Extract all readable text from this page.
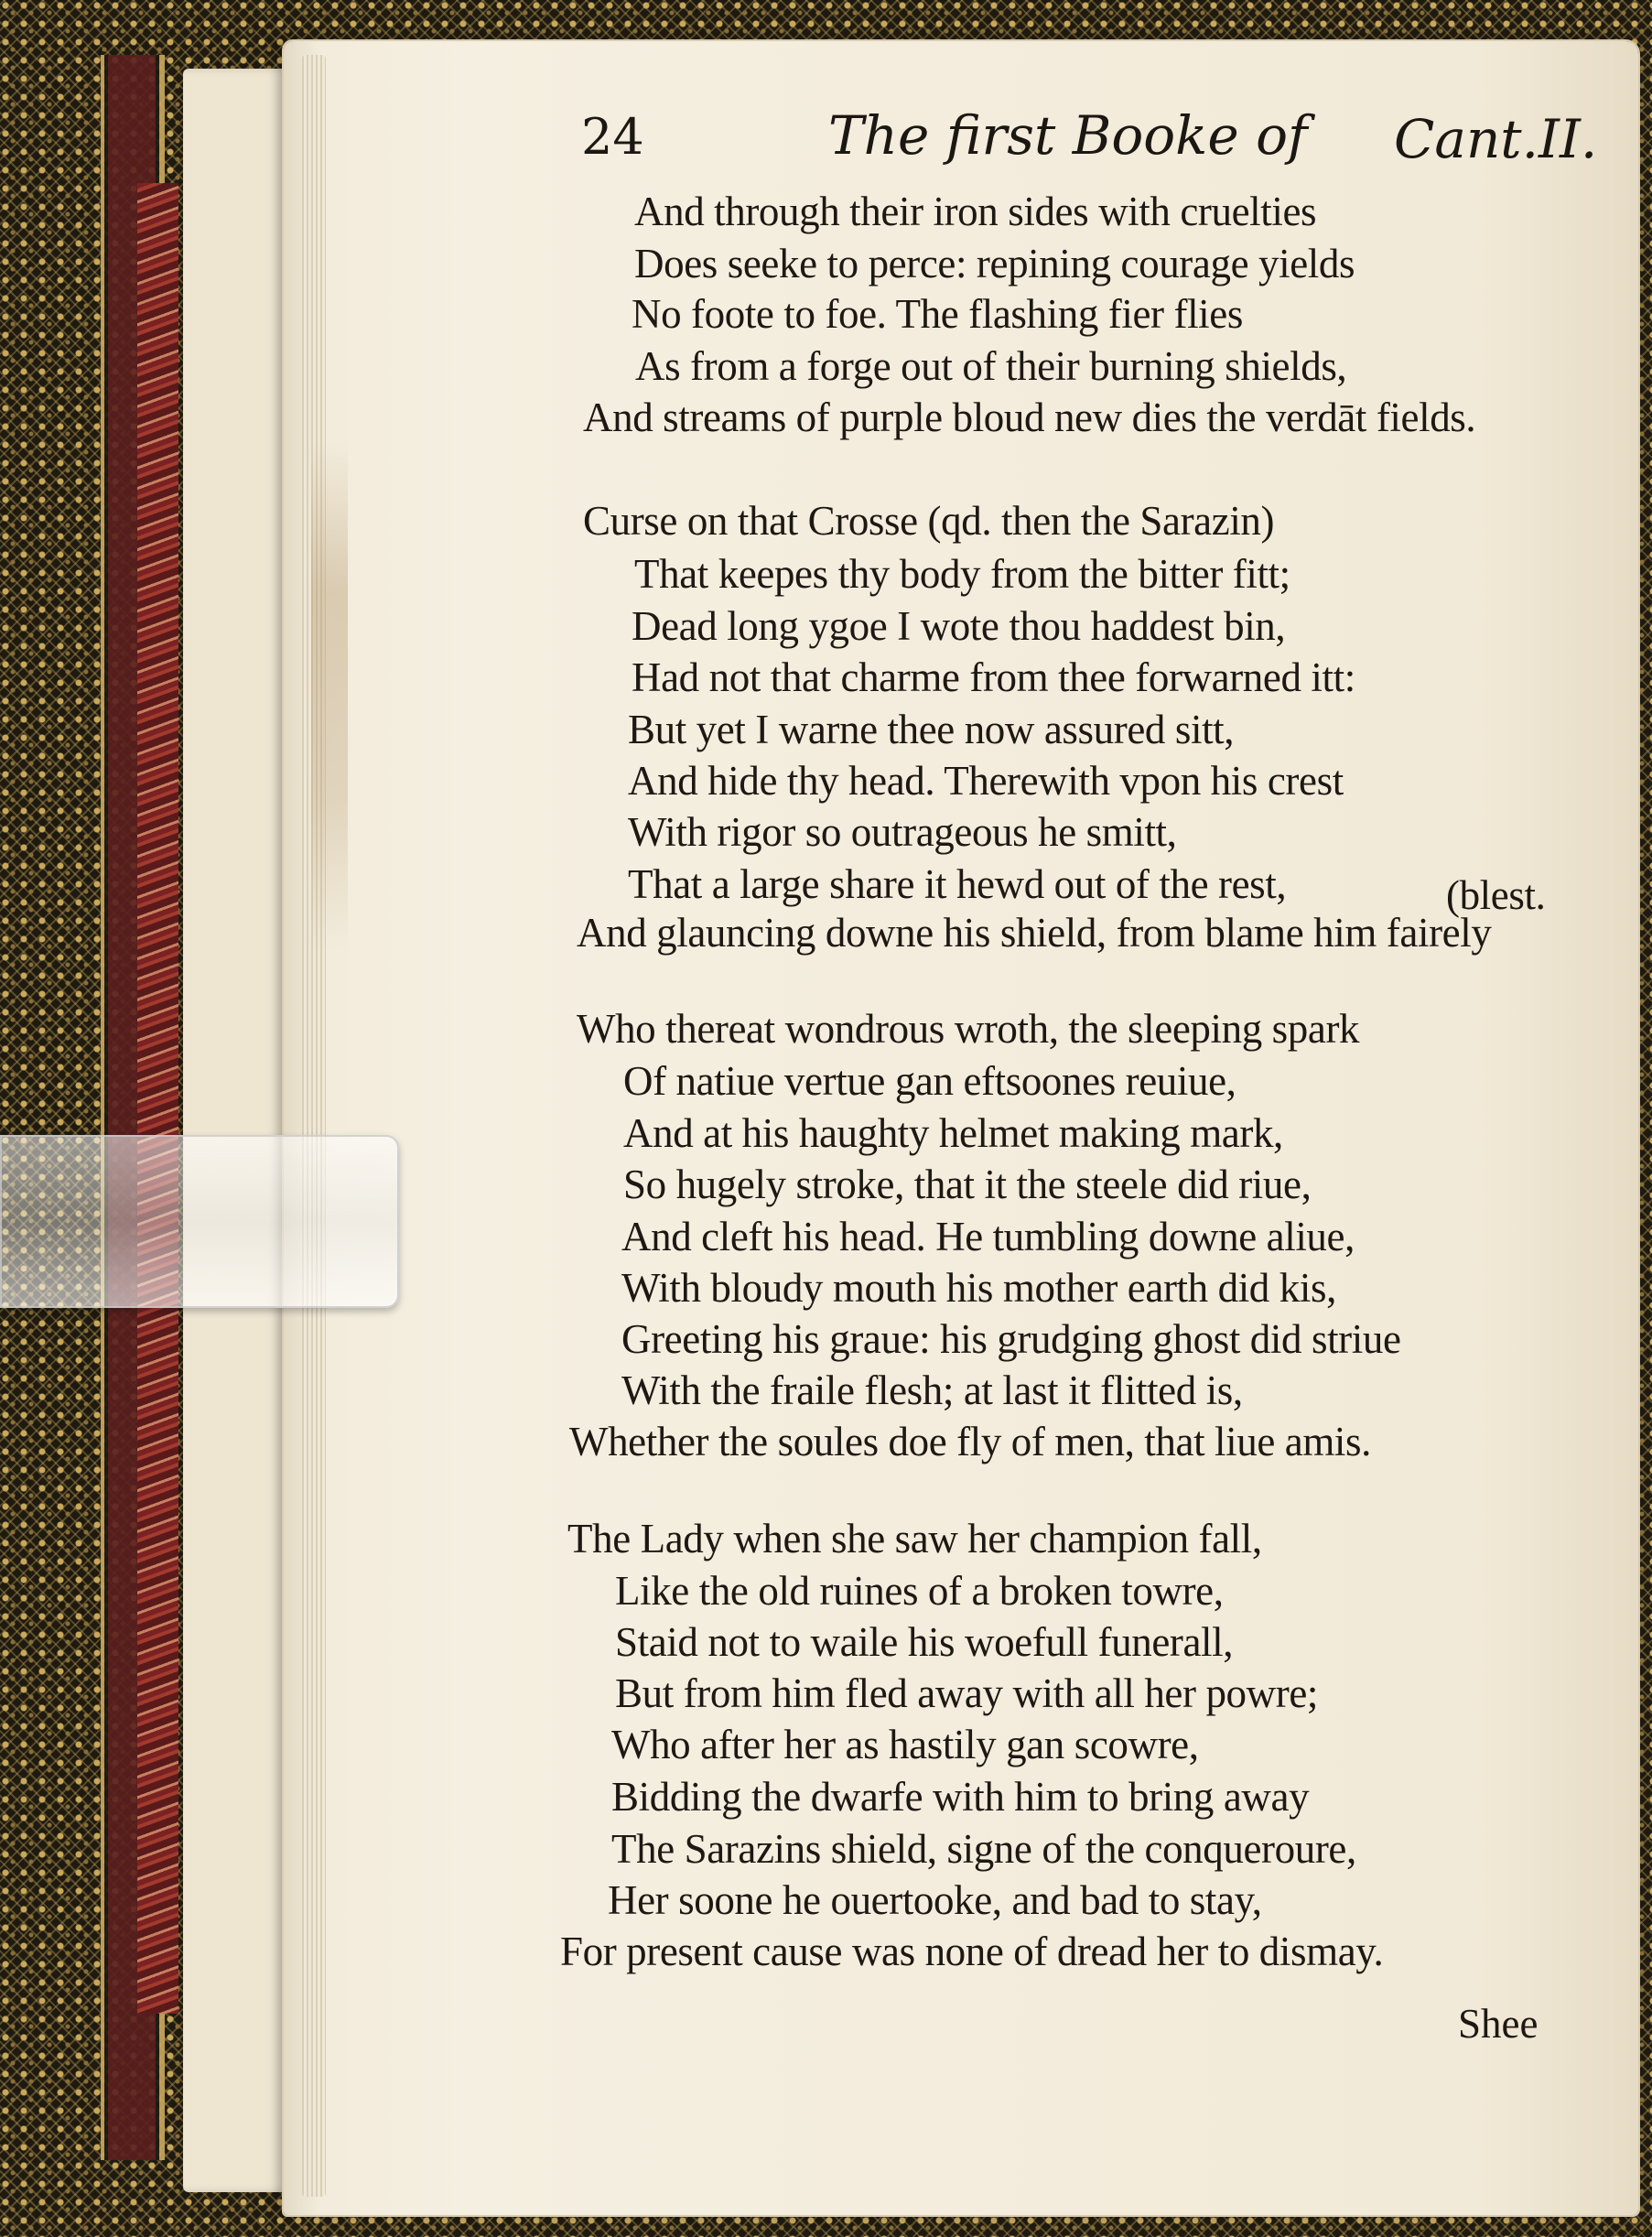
24	The first Booke of Cant.II.
And through their iron sides with cruelties
Does seeke to perce: repining courage yields
No foote to foe. The flashing fier flies
As from a forge out of their burning shields,
And streams of purple bloud new dies the verdāt fields.
Curse on that Crosse (qd. then the Sarazin)
That keepes thy body from the bitter fitt;
Dead long ygoe I wote thou haddest bin,
Had not that charme from thee forwarned itt:
But yet I warne thee now assured sitt,
And hide thy head. Therewith vpon his crest
With rigor so outrageous he smitt,
That a large share it hewd out of the rest,	(blest.
And glauncing downe his shield, from blame him fairely
Who thereat wondrous wroth, the sleeping spark
Of natiue vertue gan eftsoones reuiue,
And at his haughty helmet making mark,
So hugely stroke, that it the steele did riue,
And cleft his head. He tumbling downe aliue,
With bloudy mouth his mother earth did kis,
Greeting his graue: his grudging ghost did striue
With the fraile flesh; at last it flitted is,
Whether the soules doe fly of men, that liue amis.
The Lady when she saw her champion fall,
Like the old ruines of a broken towre,
Staid not to waile his woefull funerall,
But from him fled away with all her powre;
Who after her as hastily gan scowre,
Bidding the dwarfe with him to bring away
The Sarazins shield, signe of the conqueroure,
Her soone he ouertooke, and bad to stay,
For present cause was none of dread her to dismay.
Shee
